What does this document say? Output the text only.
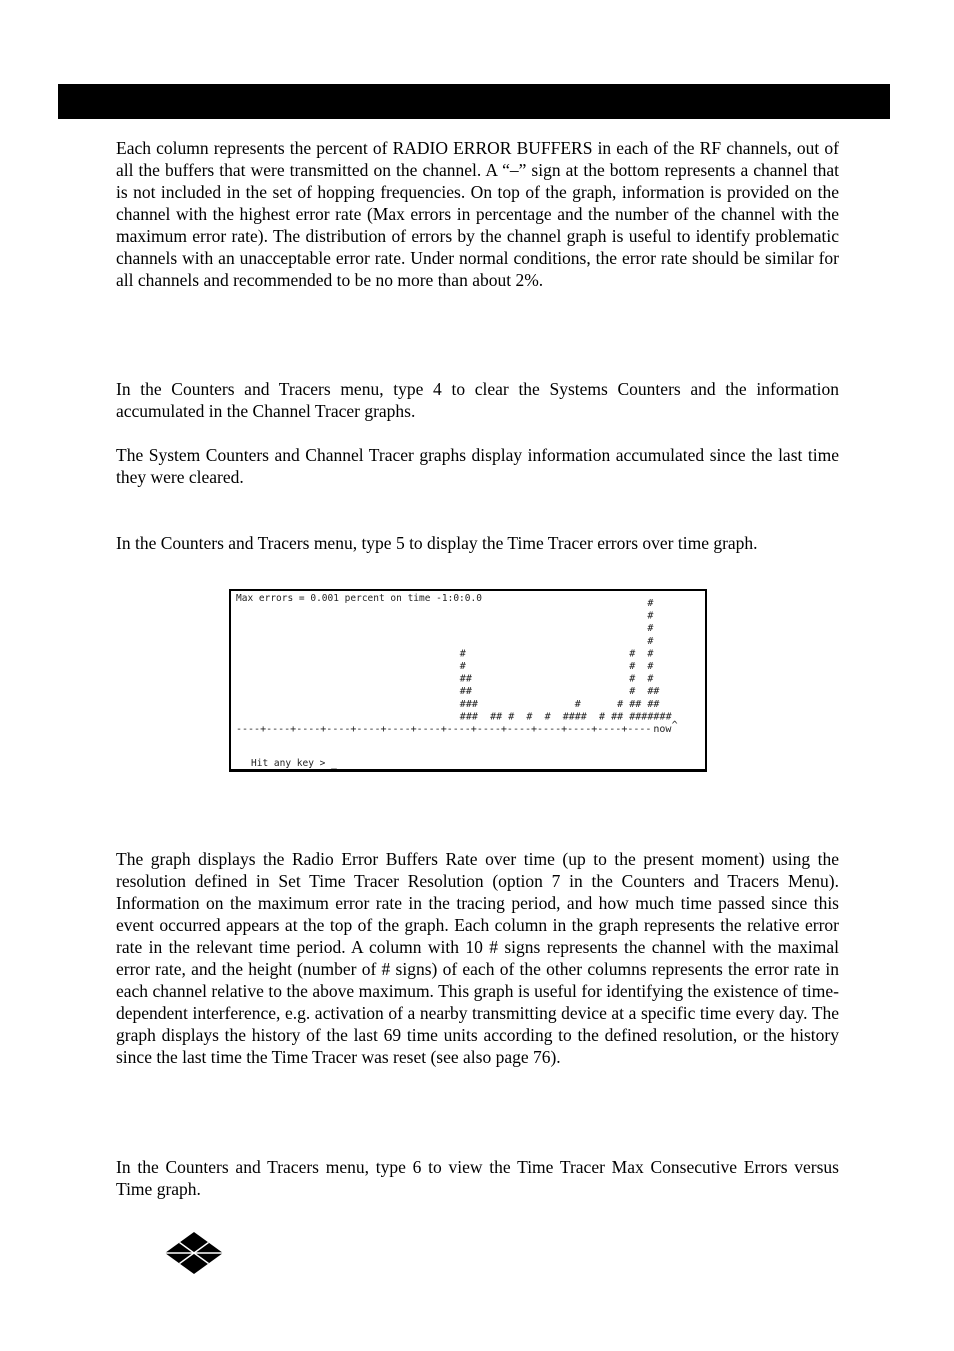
Each column represents the percent of RADIO ERROR BUFFERS in each of the RF channels, out of all the buffers that were transmitted on the channel. A “–” sign at the bottom represents a channel that is not included in the set of hopping frequencies. On top of the graph, information is provided on the channel with the highest error rate (Max errors in percentage and the number of the channel with the maximum error rate). The distribution of errors by the channel graph is useful to identify problematic channels with an unacceptable error rate. Under normal conditions, the error rate should be similar for all channels and recommended to be no more than about 2%.

In the Counters and Tracers menu, type 4 to clear the Systems Counters and the information accumulated in the Channel Tracer graphs.

The System Counters and Channel Tracer graphs display information accumulated since the last time they were cleared.

In the Counters and Tracers menu, type 5 to display the Time Tracer errors over time graph.

Max errors = 0.001 percent on time -1:0:0.0
#
#
#
#
#
#
#
#
#
#
#
#
# # # # # # # #
#
# # # #
#
#
#
#
#
#
#
#
#
# #
#
#
#
#
#
#
#
#
#
#
#
#
# #
----+----+----+----+----+----+----+----+----+----+----+----+----+---- now ^
Hit any key > _

The graph displays the Radio Error Buffers Rate over time (up to the present moment) using the resolution defined in Set Time Tracer Resolution (option 7 in the Counters and Tracers Menu). Information on the maximum error rate in the tracing period, and how much time passed since this event occurred appears at the top of the graph. Each column in the graph represents the relative error rate in the relevant time period. A column with 10 # signs represents the channel with the maximal error rate, and the height (number of # signs) of each of the other columns represents the error rate in each channel relative to the above maximum. This graph is useful for identifying the existence of time-dependent interference, e.g. activation of a nearby transmitting device at a specific time every day. The graph displays the history of the last 69 time units according to the defined resolution, or the history since the last time the Time Tracer was reset (see also page 76).

In the Counters and Tracers menu, type 6 to view the Time Tracer Max Consecutive Errors versus Time graph.
